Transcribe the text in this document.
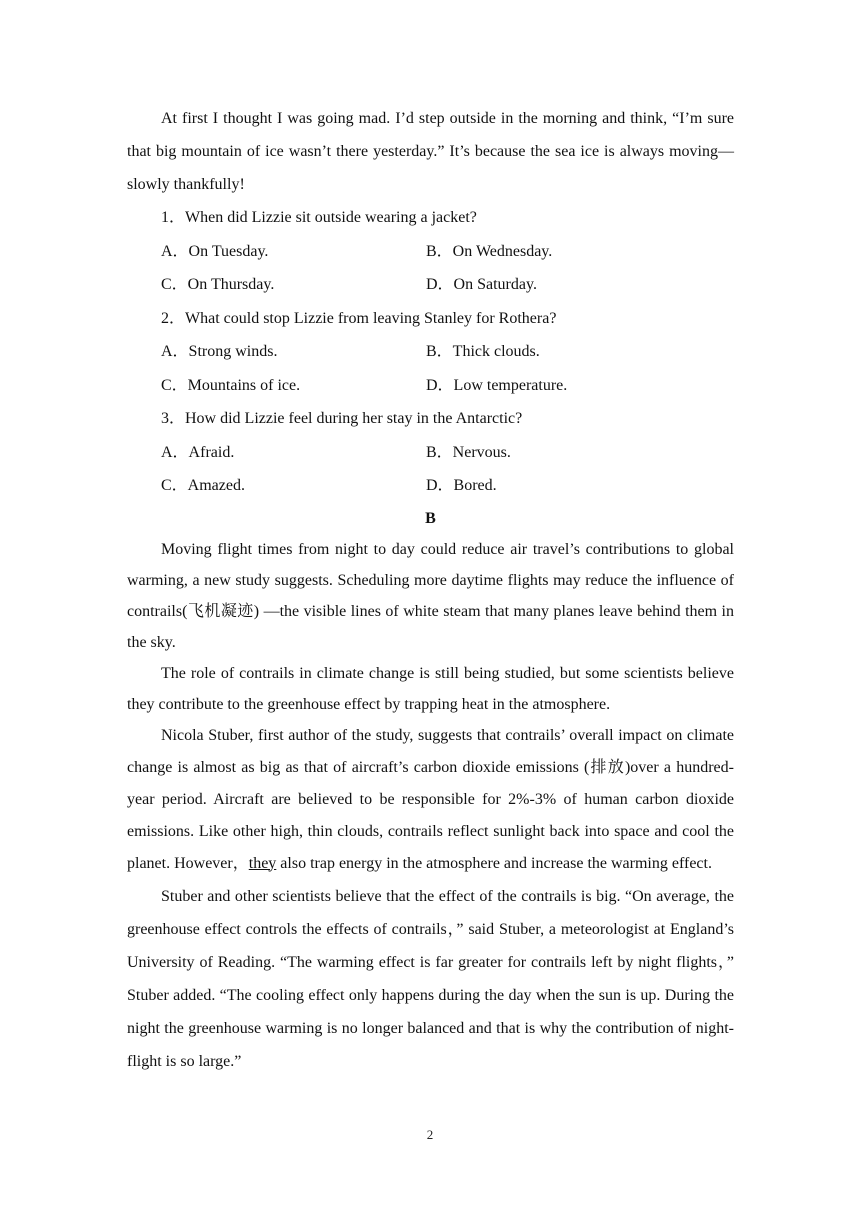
At first I thought I was going mad. I’d step outside in the morning and think, “I’m sure that big mountain of ice wasn’t there yesterday.” It’s because the sea ice is always moving—slowly thankfully!

1．When did Lizzie sit outside wearing a jacket?

A．On Tuesday.	B．On Wednesday.
C．On Thursday.	D．On Saturday.

2．What could stop Lizzie from leaving Stanley for Rothera?

A．Strong winds.	B．Thick clouds.
C．Mountains of ice.	D．Low temperature.

3．How did Lizzie feel during her stay in the Antarctic?

A．Afraid.	B．Nervous.
C．Amazed.	D．Bored.

B

Moving flight times from night to day could reduce air travel’s contributions to global warming, a new study suggests. Scheduling more daytime flights may reduce the influence of contrails(飞机凝迹) —the visible lines of white steam that many planes leave behind them in the sky.

The role of contrails in climate change is still being studied, but some scientists believe they contribute to the greenhouse effect by trapping heat in the atmosphere.

Nicola Stuber, first author of the study, suggests that contrails’ overall impact on climate change is almost as big as that of aircraft’s carbon dioxide emissions (排放)over a hundred-year period. Aircraft are believed to be responsible for 2%-3% of human carbon dioxide emissions. Like other high, thin clouds, contrails reflect sunlight back into space and cool the planet. However，they also trap energy in the atmosphere and increase the warming effect.

Stuber and other scientists believe that the effect of the contrails is big. “On average, the greenhouse effect controls the effects of contrails，” said Stuber, a meteorologist at England’s University of Reading. “The warming effect is far greater for contrails left by night flights，” Stuber added. “The cooling effect only happens during the day when the sun is up. During the night the greenhouse warming is no longer balanced and that is why the contribution of night-flight is so large.”

2
